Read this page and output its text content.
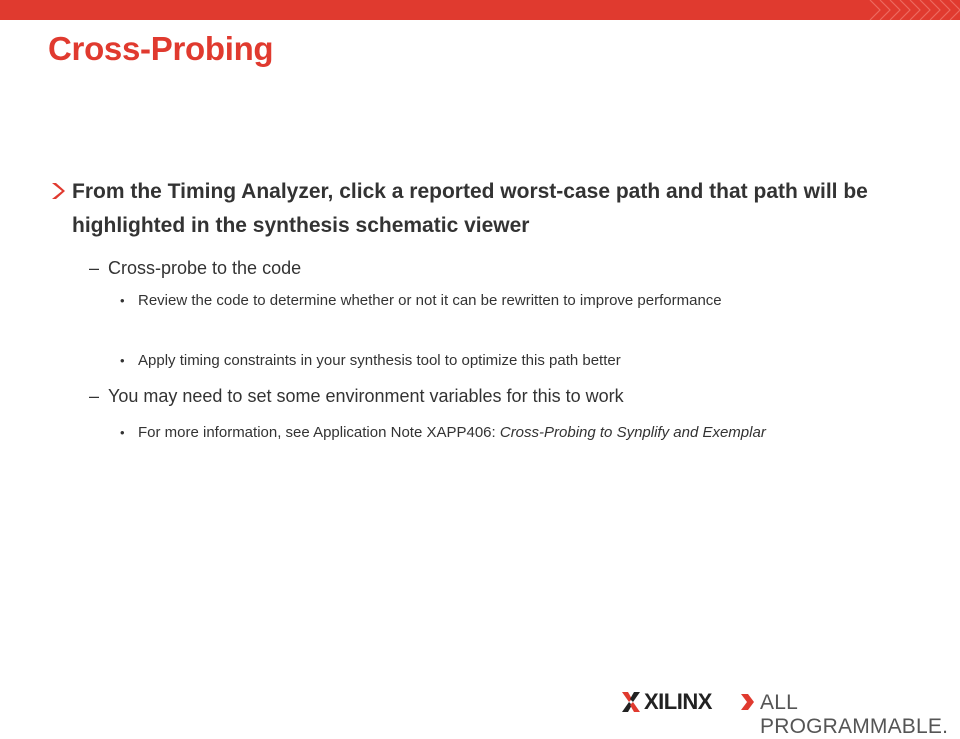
Cross-Probing
From the Timing Analyzer, click a reported worst-case path and that path will be highlighted in the synthesis schematic viewer
– Cross-probe to the code
• Review the code to determine whether or not it can be rewritten to improve performance
• Apply timing constraints in your synthesis tool to optimize this path better
– You may need to set some environment variables for this to work
• For more information, see Application Note XAPP406: Cross-Probing to Synplify and Exemplar
XILINX ALL PROGRAMMABLE.
